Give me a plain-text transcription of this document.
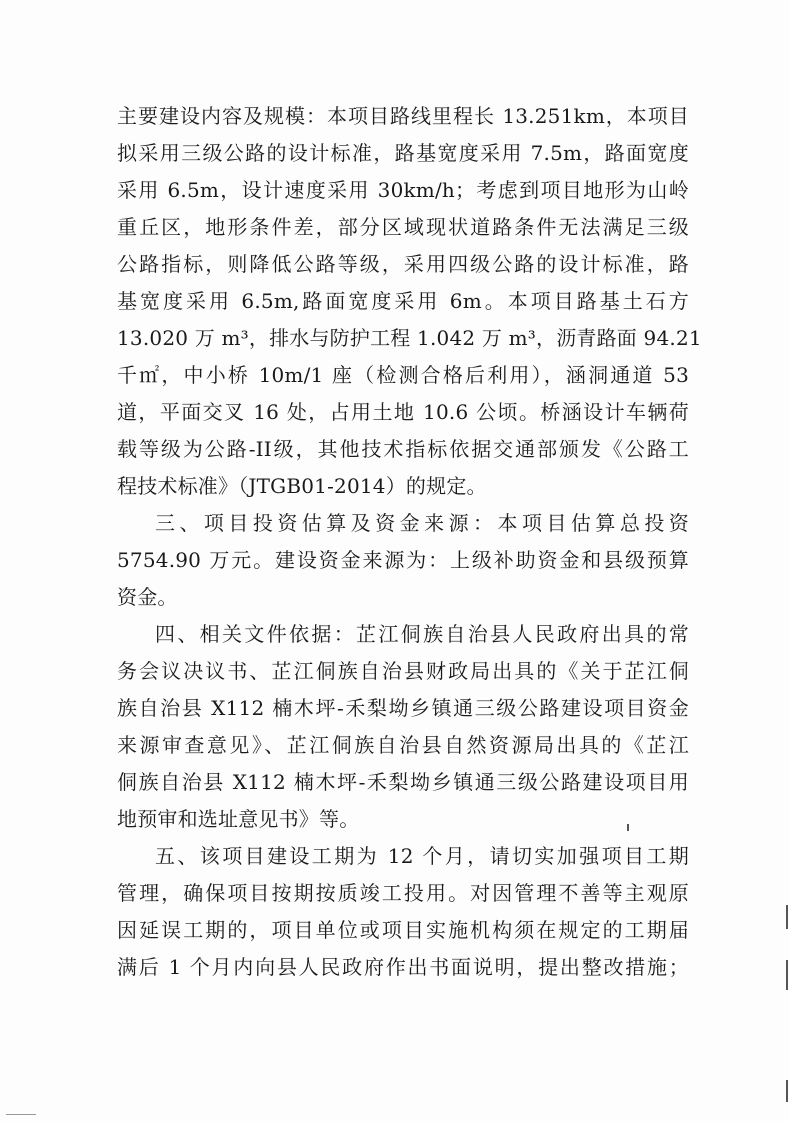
主要建设内容及规模：本项目路线里程长 13.251km，本项目
拟采用三级公路的设计标准，路基宽度采用 7.5m，路面宽度
采用 6.5m，设计速度采用 30km/h；考虑到项目地形为山岭
重丘区，地形条件差，部分区域现状道路条件无法满足三级
公路指标，则降低公路等级，采用四级公路的设计标准，路
基宽度采用 6.5m,路面宽度采用 6m。本项目路基土石方
13.020 万 m³，排水与防护工程 1.042 万 m³，沥青路面 94.21
千㎡，中小桥 10m/1 座（检测合格后利用），涵洞通道 53
道，平面交叉 16 处，占用土地 10.6 公顷。桥涵设计车辆荷
载等级为公路-II级，其他技术指标依据交通部颁发《公路工
程技术标准》（JTGB01-2014）的规定。
三、项目投资估算及资金来源：本项目估算总投资
5754.90 万元。建设资金来源为：上级补助资金和县级预算
资金。
四、相关文件依据：芷江侗族自治县人民政府出具的常
务会议决议书、芷江侗族自治县财政局出具的《关于芷江侗
族自治县 X112 楠木坪-禾梨坳乡镇通三级公路建设项目资金
来源审查意见》、芷江侗族自治县自然资源局出具的《芷江
侗族自治县 X112 楠木坪-禾梨坳乡镇通三级公路建设项目用
地预审和选址意见书》等。
五、该项目建设工期为 12 个月，请切实加强项目工期
管理，确保项目按期按质竣工投用。对因管理不善等主观原
因延误工期的，项目单位或项目实施机构须在规定的工期届
满后 1 个月内向县人民政府作出书面说明，提出整改措施；
